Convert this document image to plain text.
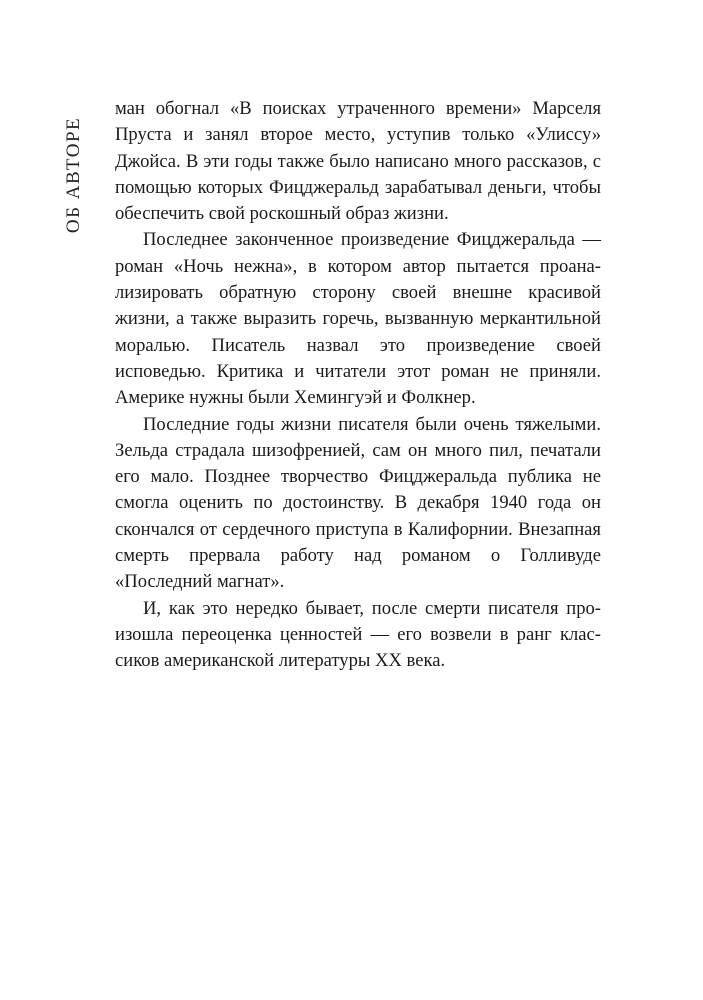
ОБ АВТОРЕ

ман обогнал «В поисках утраченного времени» Марселя Пруста и занял второе место, уступив только «Улиссу» Джойса. В эти годы также было написано много рассказов, с помощью которых Фицджеральд зарабатывал деньги, чтобы обеспечить свой роскошный образ жизни.

Последнее законченное произведение Фицджеральда — роман «Ночь нежна», в котором автор пытается проанализировать обратную сторону своей внешне красивой жизни, а также выразить горечь, вызванную меркантильной моралью. Писатель назвал это произведение своей исповедью. Критика и читатели этот роман не приняли. Америке нужны были Хемингуэй и Фолкнер.

Последние годы жизни писателя были очень тяжелыми. Зельда страдала шизофренией, сам он много пил, печатали его мало. Позднее творчество Фицджеральда публика не смогла оценить по достоинству. В декабря 1940 года он скончался от сердечного приступа в Калифорнии. Внезапная смерть прервала работу над романом о Голливуде «Последний магнат».

И, как это нередко бывает, после смерти писателя произошла переоценка ценностей — его возвели в ранг классиков американской литературы XX века.
